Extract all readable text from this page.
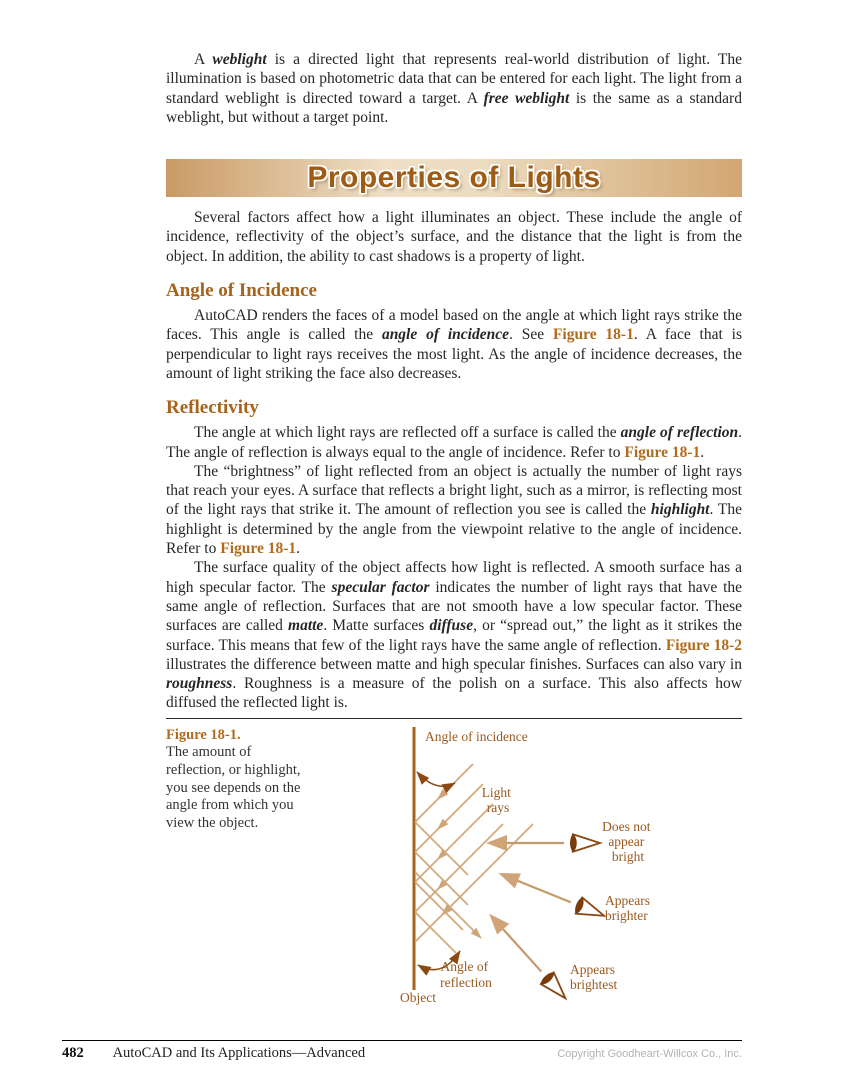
A weblight is a directed light that represents real-world distribution of light. The illumination is based on photometric data that can be entered for each light. The light from a standard weblight is directed toward a target. A free weblight is the same as a standard weblight, but without a target point.

Properties of Lights

Several factors affect how a light illuminates an object. These include the angle of incidence, reflectivity of the object’s surface, and the distance that the light is from the object. In addition, the ability to cast shadows is a property of light.

Angle of Incidence

AutoCAD renders the faces of a model based on the angle at which light rays strike the faces. This angle is called the angle of incidence. See Figure 18-1. A face that is perpendicular to light rays receives the most light. As the angle of incidence decreases, the amount of light striking the face also decreases.

Reflectivity

The angle at which light rays are reflected off a surface is called the angle of reflection. The angle of reflection is always equal to the angle of incidence. Refer to Figure 18-1.

The “brightness” of light reflected from an object is actually the number of light rays that reach your eyes. A surface that reflects a bright light, such as a mirror, is reflecting most of the light rays that strike it. The amount of reflection you see is called the highlight. The highlight is determined by the angle from the viewpoint relative to the angle of incidence. Refer to Figure 18-1.

The surface quality of the object affects how light is reflected. A smooth surface has a high specular factor. The specular factor indicates the number of light rays that have the same angle of reflection. Surfaces that are not smooth have a low specular factor. These surfaces are called matte. Matte surfaces diffuse, or “spread out,” the light as it strikes the surface. This means that few of the light rays have the same angle of reflection. Figure 18-2 illustrates the difference between matte and high specular finishes. Surfaces can also vary in roughness. Roughness is a measure of the polish on a surface. This also affects how diffused the reflected light is.

Figure 18-1.
The amount of reflection, or highlight, you see depends on the angle from which you view the object.
Angle of incidence
Light rays
Does not appear bright
Appears brighter
Appears brightest
Angle of reflection
Object
482 AutoCAD and Its Applications—Advanced	Copyright Goodheart-Willcox Co., Inc.
